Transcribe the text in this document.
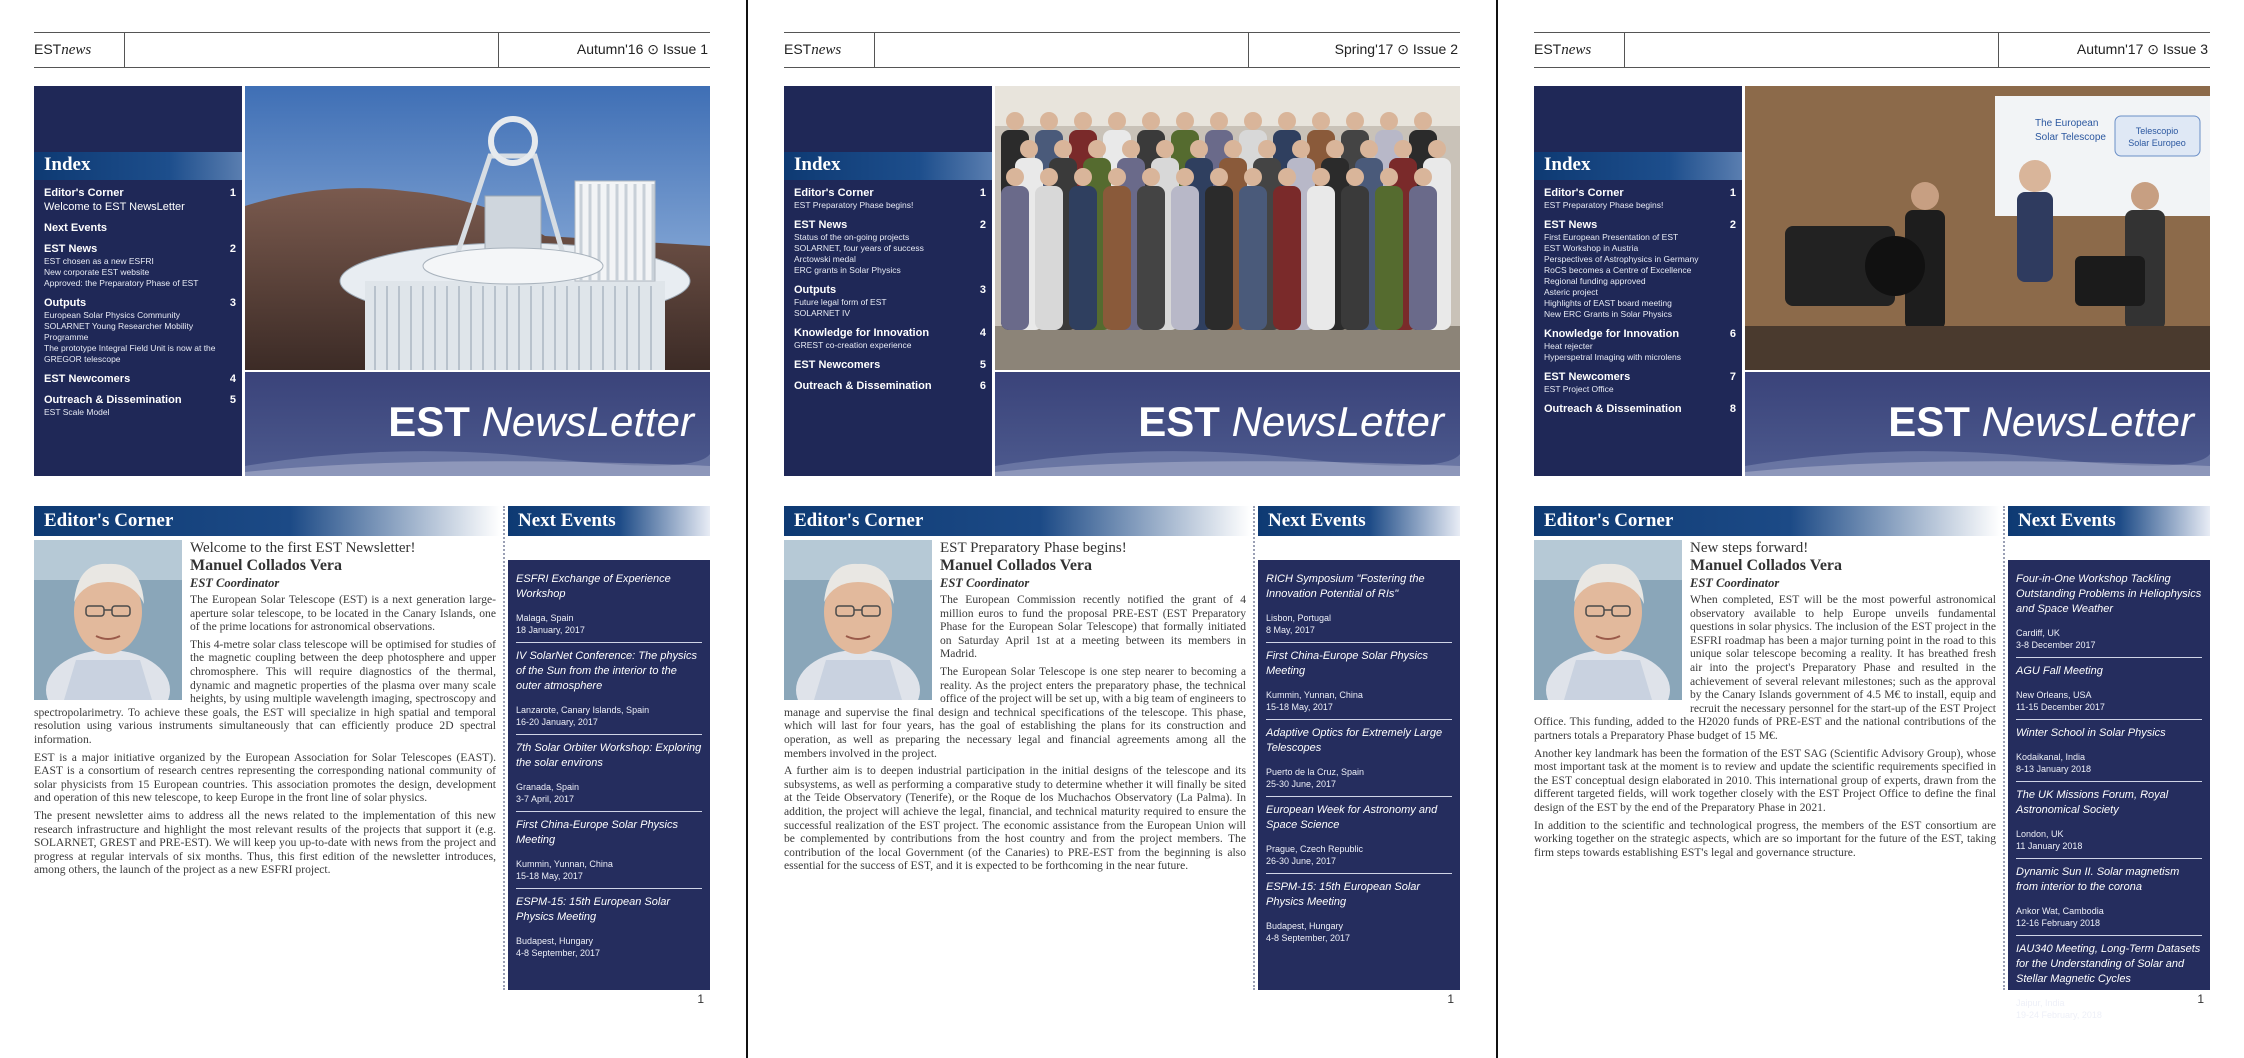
ESTnews	Autumn'16 ⊙ Issue 1
Index
Editor's Corner	1
Welcome to EST NewsLetter
Next Events
EST News	2
EST chosen as a new ESFRI
New corporate EST website
Approved: the Preparatory Phase of EST
Outputs	3
European Solar Physics Community
SOLARNET Young Researcher Mobility Programme
The prototype Integral Field Unit is now at the GREGOR telescope
EST Newcomers	4
Outreach & Dissemination	5
EST Scale Model	EST NewsLetter
Editor's Corner	Next Events
Welcome to the first EST Newsletter!
Manuel Collados Vera
EST Coordinator

The European Solar Telescope (EST) is a next generation large-aperture solar telescope, to be located in the Canary Islands, one of the prime locations for astronomical observations.

This 4-metre solar class telescope will be optimised for studies of the magnetic coupling between the deep photosphere and upper chromosphere. This will require diagnostics of the thermal, dynamic and magnetic properties of the plasma over many scale heights, by using multiple wavelength imaging, spectroscopy and spectropolarimetry. To achieve these goals, the EST will specialize in high spatial and temporal resolution using various instruments simultaneously that can efficiently produce 2D spectral information.

EST is a major initiative organized by the European Association for Solar Telescopes (EAST). EAST is a consortium of research centres representing the corresponding national community of solar physicists from 15 European countries. This association promotes the design, development and operation of this new telescope, to keep Europe in the front line of solar physics.

The present newsletter aims to address all the news related to the implementation of this new research infrastructure and highlight the most relevant results of the projects that support it (e.g. SOLARNET, GREST and PRE-EST). We will keep you up-to-date with news from the project and progress at regular intervals of six months. Thus, this first edition of the newsletter introduces, among others, the launch of the project as a new ESFRI project.

ESFRI Exchange of Experience Workshop
Malaga, Spain
18 January, 2017
IV SolarNet Conference: The physics of the Sun from the interior to the outer atmosphere
Lanzarote, Canary Islands, Spain
16-20 January, 2017
7th Solar Orbiter Workshop: Exploring the solar environs
Granada, Spain
3-7 April, 2017
First China-Europe Solar Physics Meeting
Kummin, Yunnan, China
15-18 May, 2017
ESPM-15: 15th European Solar Physics Meeting
Budapest, Hungary
4-8 September, 2017
1
ESTnews	Spring'17 ⊙ Issue 2
Index
Editor's Corner	1
EST Preparatory Phase begins!
EST News	2
Status of the on-going projects
SOLARNET, four years of success
Arctowski medal
ERC grants in Solar Physics
Outputs	3
Future legal form of EST
SOLARNET IV
Knowledge for Innovation	4
GREST co-creation experience
EST Newcomers	5
Outreach & Dissemination	6
EST NewsLetter
Editor's Corner	Next Events
EST Preparatory Phase begins!
Manuel Collados Vera
EST Coordinator

The European Commission recently notified the grant of 4 million euros to fund the proposal PRE-EST (EST Preparatory Phase for the European Solar Telescope) that formally initiated on Saturday April 1st at a meeting between its members in Madrid.

The European Solar Telescope is one step nearer to becoming a reality. As the project enters the preparatory phase, the technical office of the project will be set up, with a big team of engineers to manage and supervise the final design and technical specifications of the telescope. This phase, which will last for four years, has the goal of establishing the plans for its construction and operation, as well as preparing the necessary legal and financial agreements among all the members involved in the project.

A further aim is to deepen industrial participation in the initial designs of the telescope and its subsystems, as well as performing a comparative study to determine whether it will finally be sited at the Teide Observatory (Tenerife), or the Roque de los Muchachos Observatory (La Palma). In addition, the project will achieve the legal, financial, and technical maturity required to ensure the successful realization of the EST project. The economic assistance from the European Union will be complemented by contributions from the host country and from the project members. The contribution of the local Government (of the Canaries) to PRE-EST from the beginning is also essential for the success of EST, and it is expected to be forthcoming in the near future.

RICH Symposium "Fostering the Innovation Potential of RIs"
Lisbon, Portugal
8 May, 2017
First China-Europe Solar Physics Meeting
Kummin, Yunnan, China
15-18 May, 2017
Adaptive Optics for Extremely Large Telescopes
Puerto de la Cruz, Spain
25-30 June, 2017
European Week for Astronomy and Space Science
Prague, Czech Republic
26-30 June, 2017
ESPM-15: 15th European Solar Physics Meeting
Budapest, Hungary
4-8 September, 2017
1
ESTnews	Autumn'17 ⊙ Issue 3
Index
Editor's Corner	1
EST Preparatory Phase begins!
EST News	2
First European Presentation of EST
EST Workshop in Austria
Perspectives of Astrophysics in Germany
RoCS becomes a Centre of Excellence
Regional funding approved
Asteric project
Highlights of EAST board meeting
New ERC Grants in Solar Physics
Knowledge for Innovation	6
Heat rejecter
Hyperspetral Imaging with microlens
EST Newcomers	7
EST Project Office
Outreach & Dissemination	8
Telescopio
Solar Europeo
The European
Solar Telescope
EST NewsLetter
Editor's Corner	Next Events
New steps forward!
Manuel Collados Vera
EST Coordinator

When completed, EST will be the most powerful astronomical observatory available to help Europe unveils fundamental questions in solar physics. The inclusion of the EST project in the ESFRI roadmap has been a major turning point in the road to this unique solar telescope becoming a reality. It has breathed fresh air into the project's Preparatory Phase and resulted in the achievement of several relevant milestones; such as the approval by the Canary Islands government of 4.5 M€ to install, equip and recruit the necessary personnel for the start-up of the EST Project Office. This funding, added to the H2020 funds of PRE-EST and the national contributions of the partners totals a Preparatory Phase budget of 15 M€.

Another key landmark has been the formation of the EST SAG (Scientific Advisory Group), whose most important task at the moment is to review and update the scientific requirements specified in the EST conceptual design elaborated in 2010. This international group of experts, drawn from the different targeted fields, will work together closely with the EST Project Office to define the final design of the EST by the end of the Preparatory Phase in 2021.

In addition to the scientific and technological progress, the members of the EST consortium are working together on the strategic aspects, which are so important for the future of the EST, taking firm steps towards establishing EST's legal and governance structure.

Four-in-One Workshop Tackling Outstanding Problems in Heliophysics and Space Weather
Cardiff, UK
3-8 December 2017
AGU Fall Meeting
New Orleans, USA
11-15 December 2017
Winter School in Solar Physics
Kodaikanal, India
8-13 January 2018
The UK Missions Forum, Royal Astronomical Society
London, UK
11 January 2018
Dynamic Sun II. Solar magnetism from interior to the corona
Ankor Wat, Cambodia
12-16 February 2018
IAU340 Meeting, Long-Term Datasets for the Understanding of Solar and Stellar Magnetic Cycles
Jaipur, India
19-24 February, 2018
1
